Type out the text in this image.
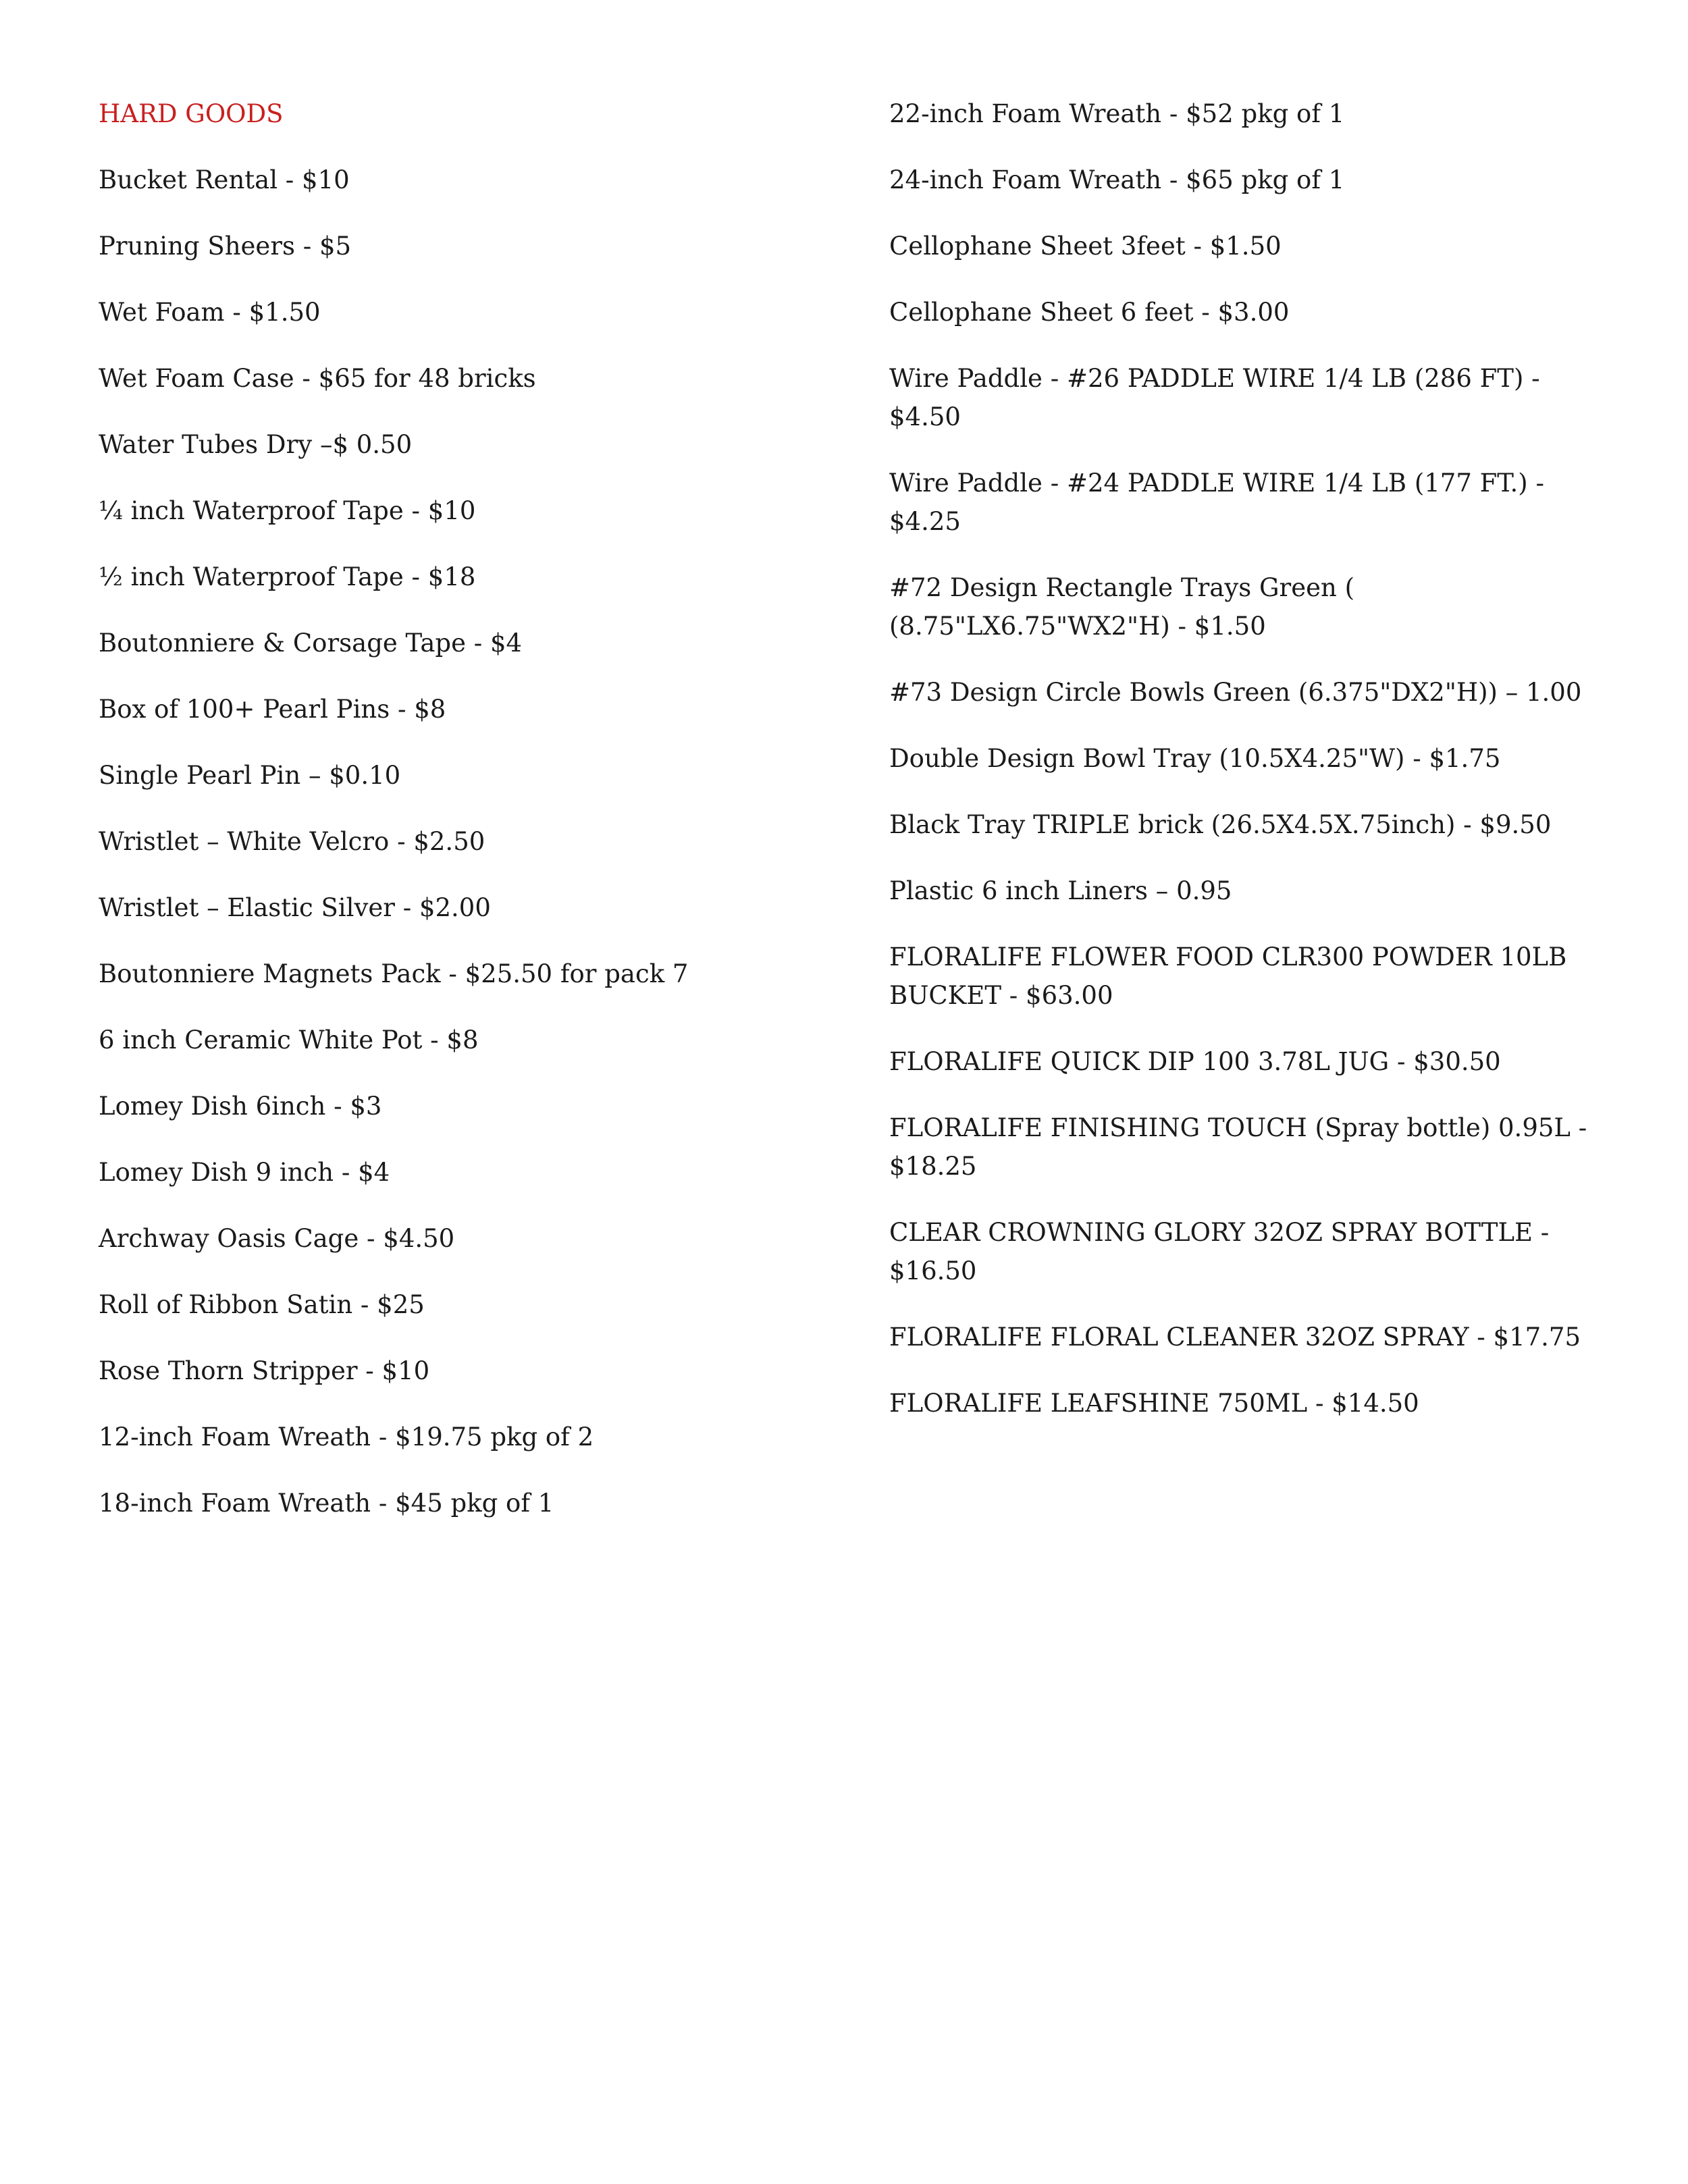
HARD GOODS

Bucket Rental - $10

Pruning Sheers - $5

Wet Foam - $1.50

Wet Foam Case - $65 for 48 bricks

Water Tubes Dry –$ 0.50

¼ inch Waterproof Tape - $10

½ inch Waterproof Tape - $18

Boutonniere & Corsage Tape - $4

Box of 100+ Pearl Pins - $8

Single Pearl Pin – $0.10

Wristlet – White Velcro - $2.50

Wristlet – Elastic Silver - $2.00

Boutonniere Magnets Pack - $25.50 for pack 7

6 inch Ceramic White Pot - $8

Lomey Dish 6inch - $3

Lomey Dish 9 inch - $4

Archway Oasis Cage - $4.50

Roll of Ribbon Satin - $25

Rose Thorn Stripper - $10

12-inch Foam Wreath - $19.75 pkg of 2

18-inch Foam Wreath - $45 pkg of 1

22-inch Foam Wreath - $52 pkg of 1

24-inch Foam Wreath - $65 pkg of 1

Cellophane Sheet 3feet - $1.50

Cellophane Sheet 6 feet - $3.00

Wire Paddle - #26 PADDLE WIRE 1/4 LB (286 FT) - $4.50

Wire Paddle - #24 PADDLE WIRE 1/4 LB (177 FT.) - $4.25

#72 Design Rectangle Trays Green ( (8.75"LX6.75"WX2"H) - $1.50

#73 Design Circle Bowls Green (6.375"DX2"H)) – 1.00

Double Design Bowl Tray (10.5X4.25"W) - $1.75

Black Tray TRIPLE brick (26.5X4.5X.75inch) - $9.50

Plastic 6 inch Liners – 0.95

FLORALIFE FLOWER FOOD CLR300 POWDER 10LB BUCKET - $63.00

FLORALIFE QUICK DIP 100 3.78L JUG - $30.50

FLORALIFE FINISHING TOUCH (Spray bottle) 0.95L - $18.25

CLEAR CROWNING GLORY 32OZ SPRAY BOTTLE - $16.50

FLORALIFE FLORAL CLEANER 32OZ SPRAY - $17.75

FLORALIFE LEAFSHINE 750ML - $14.50
